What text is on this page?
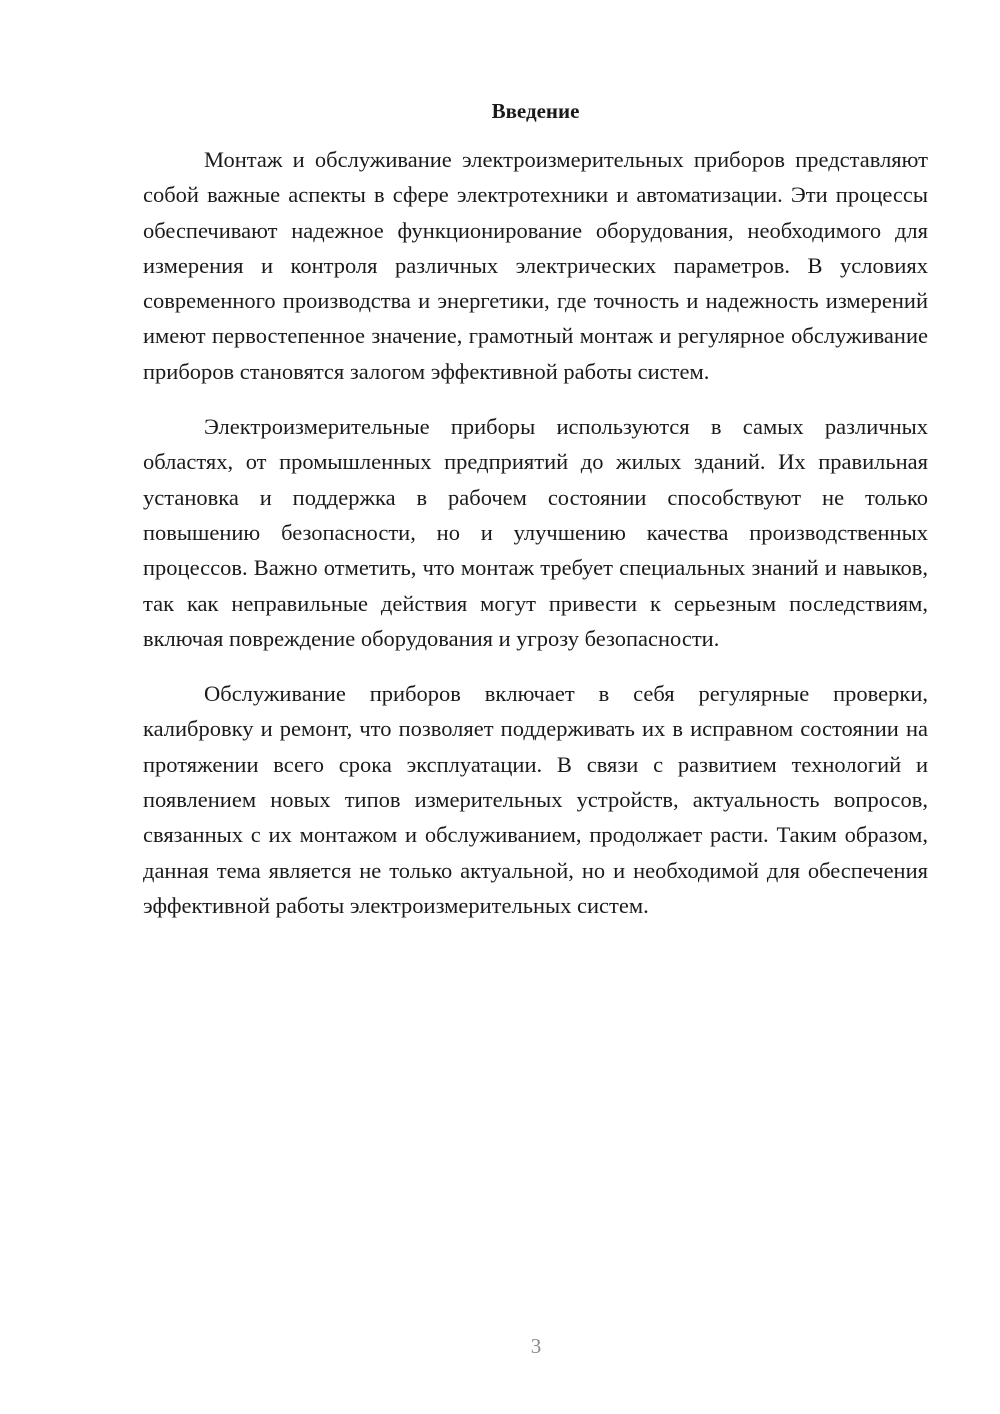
Введение

Монтаж и обслуживание электроизмерительных приборов представляют собой важные аспекты в сфере электротехники и автоматизации. Эти процессы обеспечивают надежное функционирование оборудования, необходимого для измерения и контроля различных электрических параметров. В условиях современного производства и энергетики, где точность и надежность измерений имеют первостепенное значение, грамотный монтаж и регулярное обслуживание приборов становятся залогом эффективной работы систем.

Электроизмерительные приборы используются в самых различных областях, от промышленных предприятий до жилых зданий. Их правильная установка и поддержка в рабочем состоянии способствуют не только повышению безопасности, но и улучшению качества производственных процессов. Важно отметить, что монтаж требует специальных знаний и навыков, так как неправильные действия могут привести к серьезным последствиям, включая повреждение оборудования и угрозу безопасности.

Обслуживание приборов включает в себя регулярные проверки, калибровку и ремонт, что позволяет поддерживать их в исправном состоянии на протяжении всего срока эксплуатации. В связи с развитием технологий и появлением новых типов измерительных устройств, актуальность вопросов, связанных с их монтажом и обслуживанием, продолжает расти. Таким образом, данная тема является не только актуальной, но и необходимой для обеспечения эффективной работы электроизмерительных систем.

3
